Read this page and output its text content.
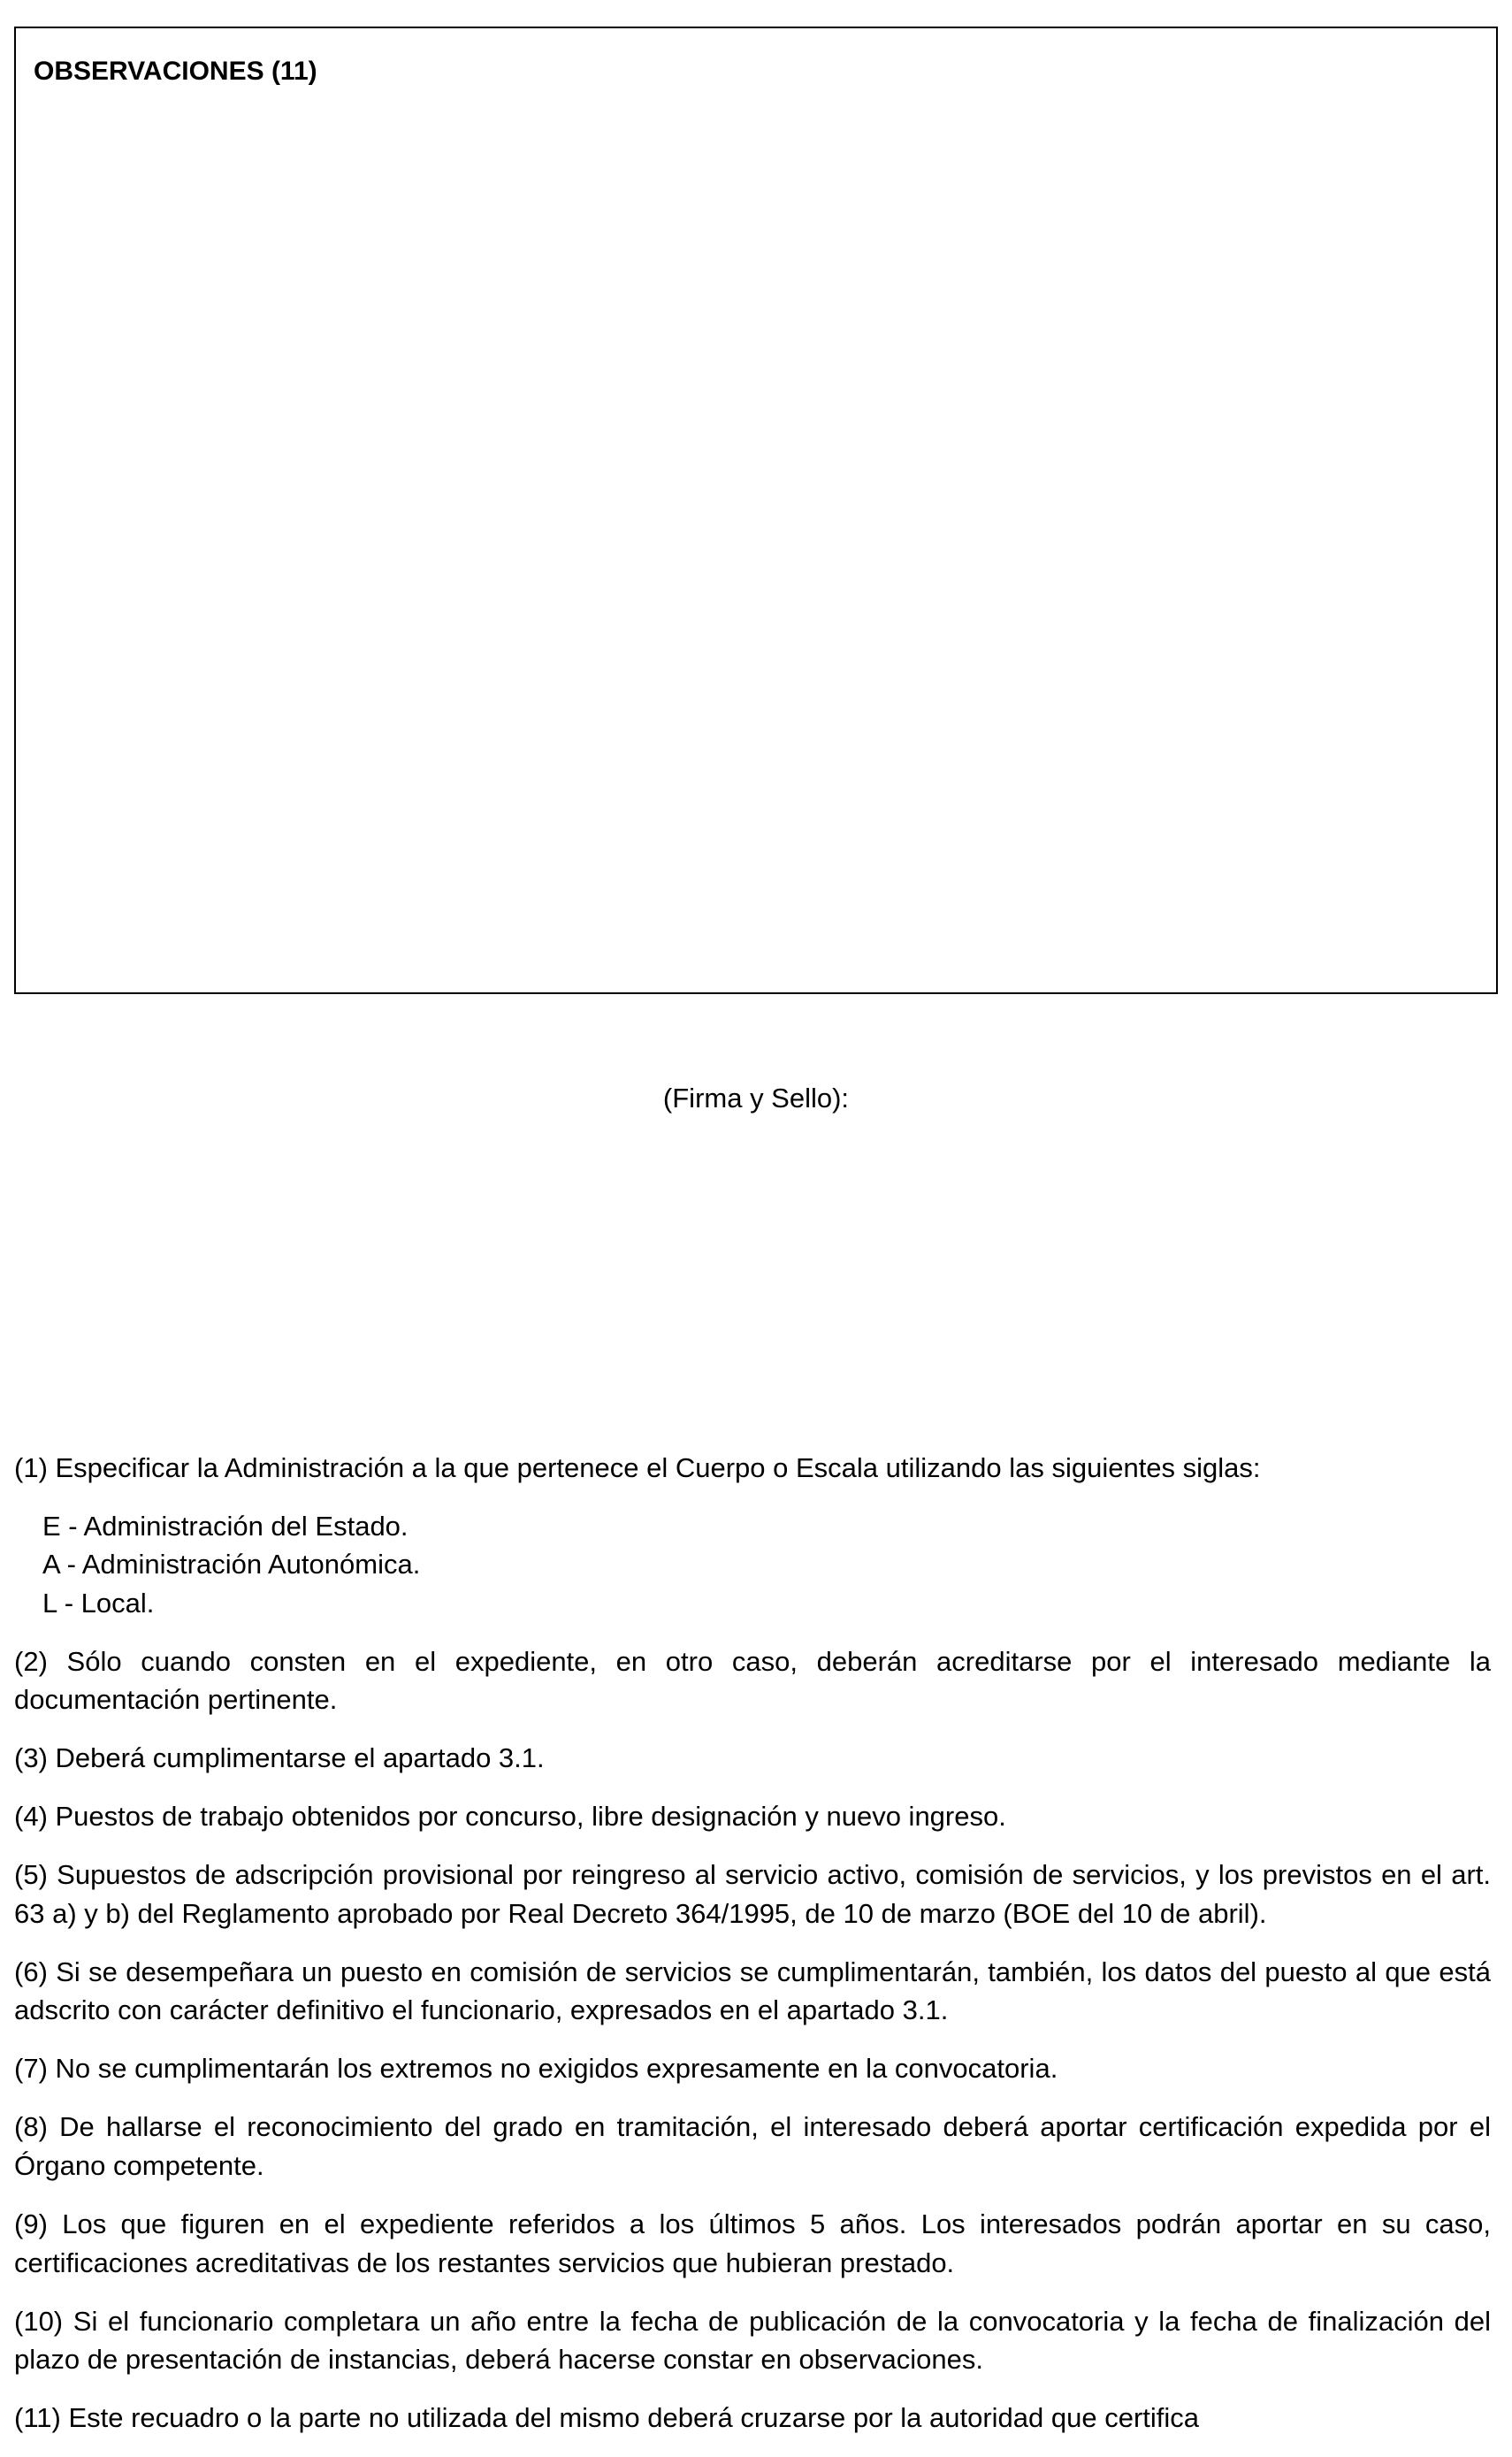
OBSERVACIONES (11)
(Firma y Sello):

(1) Especificar la Administración a la que pertenece el Cuerpo o Escala utilizando las siguientes siglas:

E - Administración del Estado.
A - Administración Autonómica.
L - Local.

(2) Sólo cuando consten en el expediente, en otro caso, deberán acreditarse por el interesado mediante la documentación pertinente.

(3) Deberá cumplimentarse el apartado 3.1.

(4) Puestos de trabajo obtenidos por concurso, libre designación y nuevo ingreso.

(5) Supuestos de adscripción provisional por reingreso al servicio activo, comisión de servicios, y los previstos en el art. 63 a) y b) del Reglamento aprobado por Real Decreto 364/1995, de 10 de marzo (BOE del 10 de abril).

(6) Si se desempeñara un puesto en comisión de servicios se cumplimentarán, también, los datos del puesto al que está adscrito con carácter definitivo el funcionario, expresados en el apartado 3.1.

(7) No se cumplimentarán los extremos no exigidos expresamente en la convocatoria.

(8) De hallarse el reconocimiento del grado en tramitación, el interesado deberá aportar certificación expedida por el Órgano competente.

(9) Los que figuren en el expediente referidos a los últimos 5 años. Los interesados podrán aportar en su caso, certificaciones acreditativas de los restantes servicios que hubieran prestado.

(10) Si el funcionario completara un año entre la fecha de publicación de la convocatoria y la fecha de finalización del plazo de presentación de instancias, deberá hacerse constar en observaciones.

(11) Este recuadro o la parte no utilizada del mismo deberá cruzarse por la autoridad que certifica
